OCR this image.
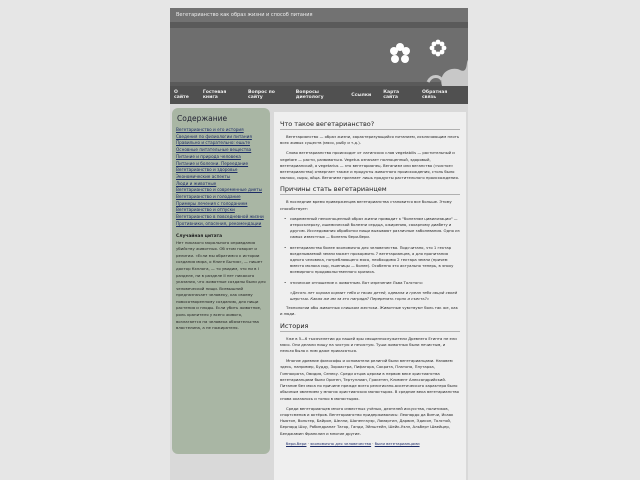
Вегетарианство как образ жизни и способ питания
О сайте
Гостевая книга
Вопрос по сайту
Вопросы диетологу	Ссылки	Карта сайта
Обратная связь
Содержание
Вегетарианство и его история
Сведения по физиологии питания
Правильно и старательно: ешьте
Основные питательные вещества
Питание и природа человека
Питание и болезни. Переедание
Вегетарианство и здоровье
Экономические аспекты
Люди и животные
Вегетарианство и современные диеты
Вегетарианство и голодание
Примеры лечения с голоданием
Вегетарианство и отпуски
Вегетарианство в повседневной жизни
Противники, опасения, рекомендации
Случайная цитата

Нет никакого морального оправдания убийству животных. Об этом говорят и религии. «Если мы обратимся к истории создания мира, о Книге Бытия», — пишет доктор Кэллога, — то увидим, что ни в I разделе, ни в разделе II нет никакого указания, что животные созданы были для человеческой пищи. Всевышний предназначает человеку, как своему новосотворенному созданию, для пищи растения и плоды. Если убить животное, роль хранителя у всего живого, возлагается на человека обязательства властелина, а не пожирателя.

Что такое вегетарианство?

Вегетарианство — образ жизни, характеризующийся питанием, исключающим плоть всех живых существ (мясо, рыбу и т.д.).

Слово вегетарианство происходит от латинских слов vegetabilis — растительный и vegetare — расти, развиваться. Vegetus означает полноценный, здоровый, вегетарианский, а vegetarius — это вегетарианец. Веганизм или веганство («чистое» вегетарианство) отвергает также и продукты животного происхождения, столь было молоко, сыры, яйца. Веганизм признает лишь продукты растительного происхождения.

Причины стать вегетарианцем

В последние время приверженцев вегетарианства становится все больше. Этому способствует:

• современный неполноценный образ жизни приводит к "болезням цивилизации" — атеросклерозу, ишемической болезни сердца, ожирению, сахарному диабету и другим. Исследования обработки пищи вызывают различные заболевания. Одно из самых известных — болезнь бери-бери.
• вегетарианство более экономично для человечества. Подсчитано, что 1 гектар возделываемой земли может прокормить 7 вегетарианцев, а для пропитания одного человека, потребляющего мясо, необходимо 2 гектара земли (причем вместо молока сыр, пшеницы — более). Особенно это актуально теперь, в эпоху всемирного продовольственного кризиса.
• этическое отношение к животным. Вот изречение Льва Толстого:
«Десять лет корова кормит тебя и твоих детей, одевала и грела тебя овцой своей шерстью. Какая же им за это награда? Перерезать горло и съесть?»

Технологии обы животных слишком жестоки. Животные чувствуют боль так же, как и люди.

История

Уже в 5—6 тысячелетии до нашей эры священнослужители Древнего Египта не ели мясо. Они делали пищу на чистую и нечистую. Туши животных были нечистым, и нельзя было к ним даже прикасаться.

Многие древние философы и основатели религий были вегетарианцами. Назовем здесь, например, Будду, Зороастра, Пифагора, Сократа, Платона, Плутарха, Гиппократа, Овидия, Сенеку. Среди отцов церкви в первом веке христианства вегетарианцами были Ориген, Тертуллиан, Гракетен, Климент Александрийский. Питание без мяса по причине прежде всего религиозно-аскетического характера было обычным явлением у многих христианских монастырях. В средние века вегетарианство снова оказалось и тонко в монастырях.

Среди вегетарианцев много известных учёных, деятелей искусства, политиков, спортсменов и актёров. Вегетарианство придерживались: Леонардо да Винчи, Исаак Ньютон, Вольтер, Байрон, Шелли, Шопенгауэр, Ламартин, Дарвин, Эдисон, Толстой, Бернард Шоу, Рабиндранат Тагор, Ганди, Эйнштейн, Шейк-Уэлл, Альберт Швейцер, Бенджамин Франклин и многие другие.

бери-бери · экономично для человечества · были вегетарианцами
